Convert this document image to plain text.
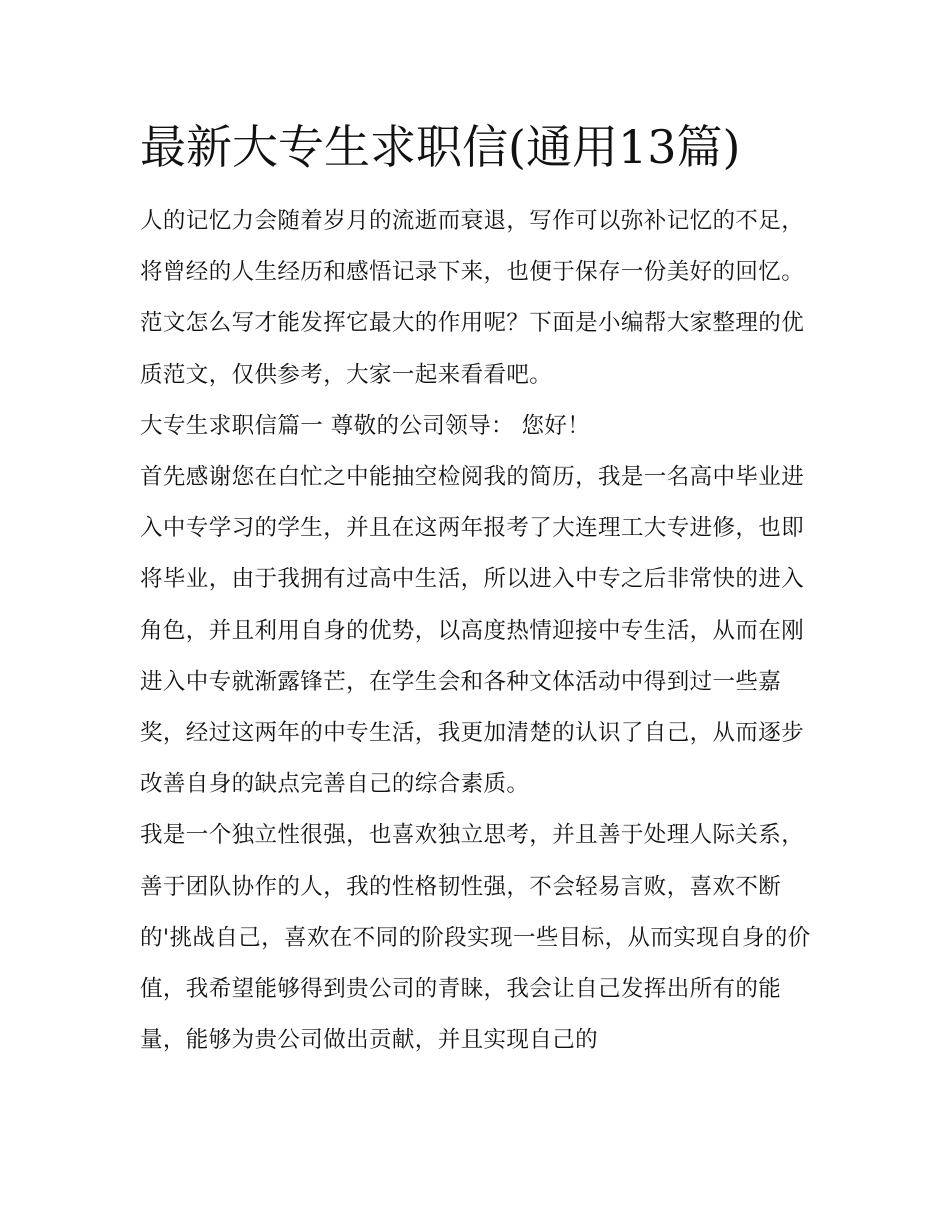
最新大专生求职信(通用13篇)

人的记忆力会随着岁月的流逝而衰退，写作可以弥补记忆的不足，将曾经的人生经历和感悟记录下来，也便于保存一份美好的回忆。范文怎么写才能发挥它最大的作用呢？下面是小编帮大家整理的优质范文，仅供参考，大家一起来看看吧。

大专生求职信篇一 尊敬的公司领导： 您好！

首先感谢您在白忙之中能抽空检阅我的简历，我是一名高中毕业进入中专学习的学生，并且在这两年报考了大连理工大专进修，也即将毕业，由于我拥有过高中生活，所以进入中专之后非常快的进入角色，并且利用自身的优势，以高度热情迎接中专生活，从而在刚进入中专就渐露锋芒，在学生会和各种文体活动中得到过一些嘉奖，经过这两年的中专生活，我更加清楚的认识了自己，从而逐步改善自身的缺点完善自己的综合素质。

我是一个独立性很强，也喜欢独立思考，并且善于处理人际关系，善于团队协作的人，我的性格韧性强，不会轻易言败，喜欢不断的'挑战自己，喜欢在不同的阶段实现一些目标，从而实现自身的价值，我希望能够得到贵公司的青睐，我会让自己发挥出所有的能量，能够为贵公司做出贡献，并且实现自己的
